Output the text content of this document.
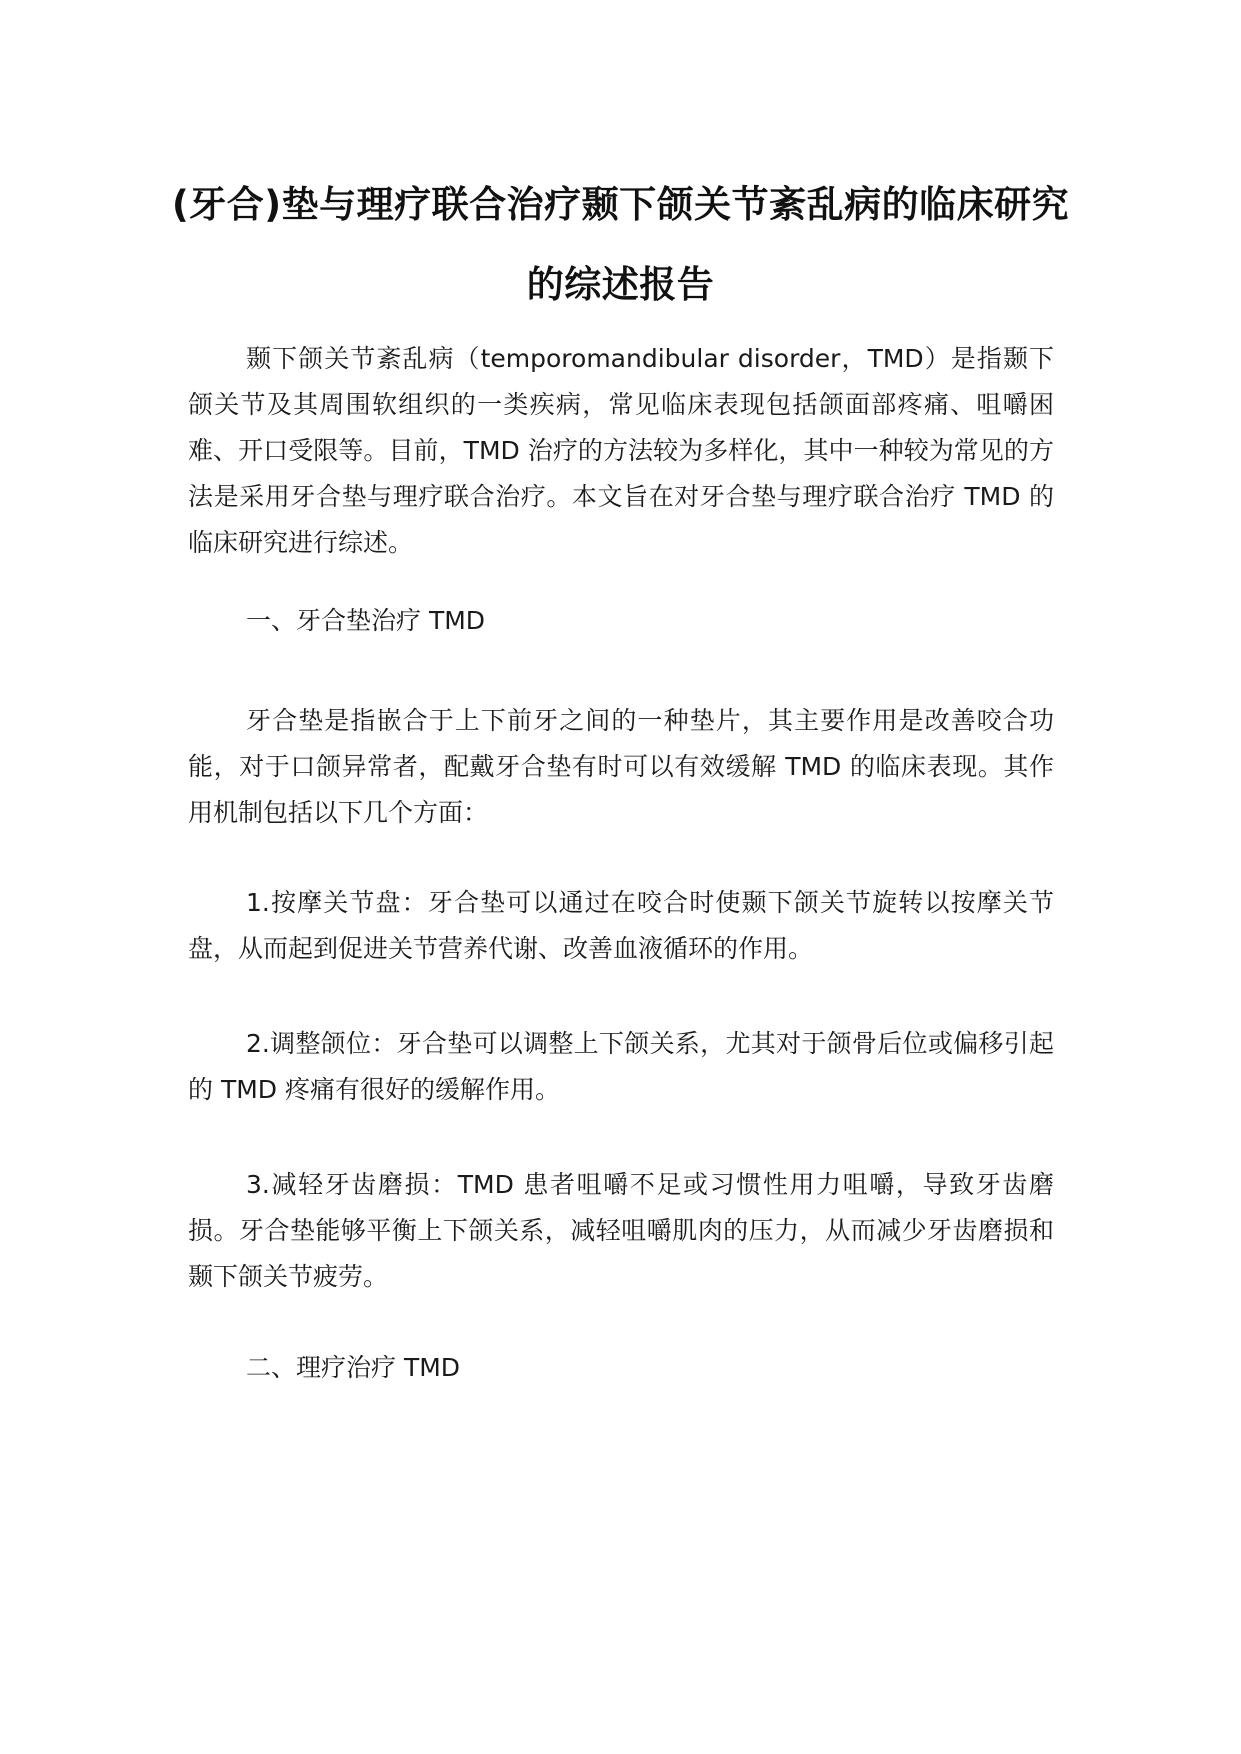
(牙合)垫与理疗联合治疗颞下颌关节紊乱病的临床研究的综述报告

颞下颌关节紊乱病（temporomandibular disorder，TMD）是指颞下颌关节及其周围软组织的一类疾病，常见临床表现包括颌面部疼痛、咀嚼困难、开口受限等。目前，TMD 治疗的方法较为多样化，其中一种较为常见的方法是采用牙合垫与理疗联合治疗。本文旨在对牙合垫与理疗联合治疗 TMD 的临床研究进行综述。

一、牙合垫治疗 TMD

牙合垫是指嵌合于上下前牙之间的一种垫片，其主要作用是改善咬合功能，对于口颌异常者，配戴牙合垫有时可以有效缓解 TMD 的临床表现。其作用机制包括以下几个方面：

1.按摩关节盘：牙合垫可以通过在咬合时使颞下颌关节旋转以按摩关节盘，从而起到促进关节营养代谢、改善血液循环的作用。

2.调整颌位：牙合垫可以调整上下颌关系，尤其对于颌骨后位或偏移引起的 TMD 疼痛有很好的缓解作用。

3.减轻牙齿磨损：TMD 患者咀嚼不足或习惯性用力咀嚼，导致牙齿磨损。牙合垫能够平衡上下颌关系，减轻咀嚼肌肉的压力，从而减少牙齿磨损和颞下颌关节疲劳。

二、理疗治疗 TMD
